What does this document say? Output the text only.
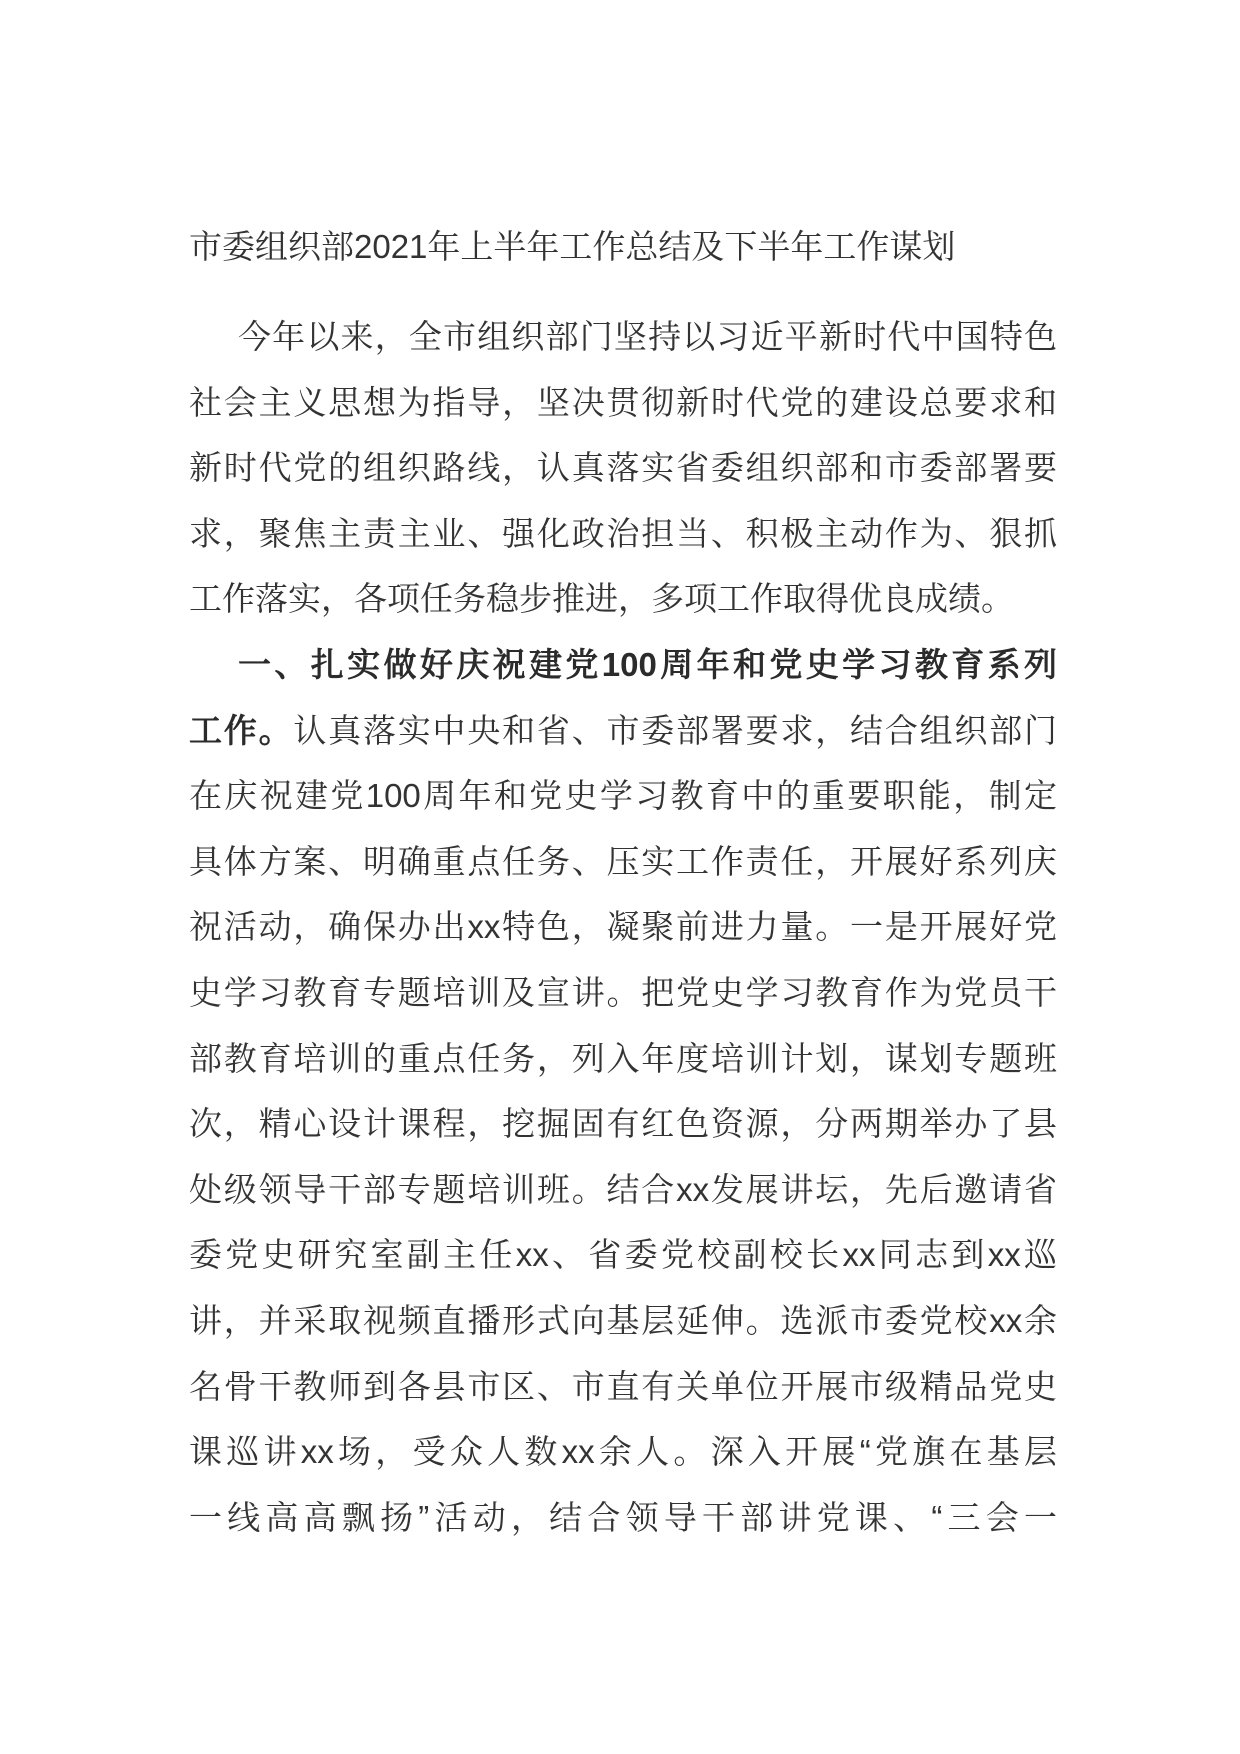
市委组织部2021年上半年工作总结及下半年工作谋划
今年以来，全市组织部门坚持以习近平新时代中国特色
社会主义思想为指导，坚决贯彻新时代党的建设总要求和
新时代党的组织路线，认真落实省委组织部和市委部署要
求，聚焦主责主业、强化政治担当、积极主动作为、狠抓
工作落实，各项任务稳步推进，多项工作取得优良成绩。
一、扎实做好庆祝建党100周年和党史学习教育系列
工作。认真落实中央和省、市委部署要求，结合组织部门
在庆祝建党100周年和党史学习教育中的重要职能，制定
具体方案、明确重点任务、压实工作责任，开展好系列庆
祝活动，确保办出xx特色，凝聚前进力量。一是开展好党
史学习教育专题培训及宣讲。把党史学习教育作为党员干
部教育培训的重点任务，列入年度培训计划，谋划专题班
次，精心设计课程，挖掘固有红色资源，分两期举办了县
处级领导干部专题培训班。结合xx发展讲坛，先后邀请省
委党史研究室副主任xx、省委党校副校长xx同志到xx巡
讲，并采取视频直播形式向基层延伸。选派市委党校xx余
名骨干教师到各县市区、市直有关单位开展市级精品党史
课巡讲xx场，受众人数xx余人。深入开展“党旗在基层
一线高高飘扬”活动，结合领导干部讲党课、“三会一
